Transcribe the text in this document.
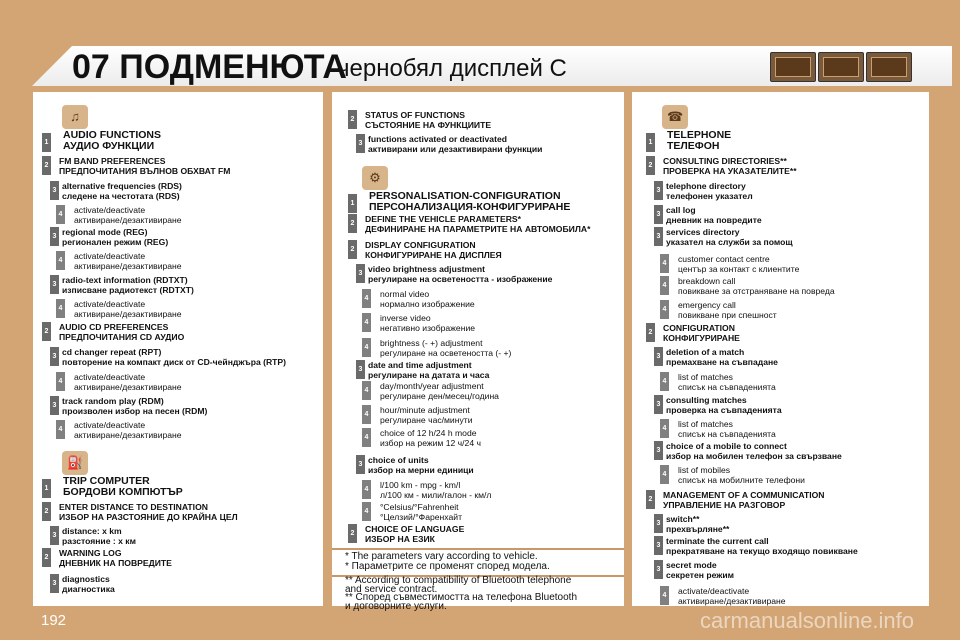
07 ПОДМЕНЮТА
чернобял дисплей С
♫
⛽
⚙
☎
1
AUDIO FUNCTIONS
АУДИО ФУНКЦИИ
2 FM BAND PREFERENCES
ПРЕДПОЧИТАНИЯ ВЪЛНОВ ОБХВАТ FM
3 alternative frequencies (RDS)
следене на честотата (RDS)
4 activate/deactivate
активиране/дезактивиране
3 regional mode (REG)
регионален режим (REG)
4 activate/deactivate
активиране/дезактивиране
3 radio-text information (RDTXT)
изписване радиотекст (RDTXT)
4 activate/deactivate
активиране/дезактивиране
2 AUDIO CD PREFERENCES
ПРЕДПОЧИТАНИЯ CD АУДИО
3 cd changer repeat (RPT)
повторение на компакт диск от CD-чейнджъра (RTP)
4 activate/deactivate
активиране/дезактивиране
3 track random play (RDM)
произволен избор на песен (RDM)
4 activate/deactivate
активиране/дезактивиране
1
TRIP COMPUTER
БОРДОВИ КОМПЮТЪР
2 ENTER DISTANCE TO DESTINATION
ИЗБОР НА РАЗСТОЯНИЕ ДО КРАЙНА ЦЕЛ
3 distance: x km
разстояние : x км
2 WARNING LOG
ДНЕВНИК НА ПОВРЕДИТЕ
3 diagnostics
диагностика
2 STATUS OF FUNCTIONS
СЪСТОЯНИЕ НА ФУНКЦИИТЕ
3 functions activated or deactivated
активирани или дезактивирани функции
1
PERSONALISATION-CONFIGURATION
ПЕРСОНАЛИЗАЦИЯ-КОНФИГУРИРАНЕ
2 DEFINE THE VEHICLE PARAMETERS*
ДЕФИНИРАНЕ НА ПАРАМЕТРИТЕ НА АВТОМОБИЛА*
2 DISPLAY CONFIGURATION
КОНФИГУРИРАНЕ НА ДИСПЛЕЯ
3 video brightness adjustment
регулиране на осветеността - изображение
4 normal video
нормално изображение
4 inverse video
негативно изображение
4 brightness (- +) adjustment
регулиране на осветеността (- +)
3 date and time adjustment
регулиране на датата и часа
4 day/month/year adjustment
регулиране ден/месец/година
4 hour/minute adjustment
регулиране час/минути
4 choice of 12 h/24 h mode
избор на режим 12 ч/24 ч
3 choice of units
избор на мерни единици
4 l/100 km - mpg - km/l
л/100 км - мили/галон - км/л
4 °Celsius/°Fahrenheit
°Целзий/°Фаренхайт
2 CHOICE OF LANGUAGE
ИЗБОР НА ЕЗИК
1
TELEPHONE
ТЕЛЕФОН
2 CONSULTING DIRECTORIES**
ПРОВЕРКА НА УКАЗАТЕЛИТЕ**
3 telephone directory
телефонен указател
3 call log
дневник на повредите
3 services directory
указател на служби за помощ
4 customer contact centre
център за контакт с клиентите
4 breakdown call
повикване за отстраняване на повреда
4 emergency call
повикване при спешност
2 CONFIGURATION
КОНФИГУРИРАНЕ
3 deletion of a match
премахване на съвпадане
4 list of matches
списък на съвпаденията
3 consulting matches
проверка на съвпаденията
4 list of matches
списък на съвпаденията
3 choice of a mobile to connect
избор на мобилен телефон за свързване
4 list of mobiles
списък на мобилните телефони
2 MANAGEMENT OF A COMMUNICATION
УПРАВЛЕНИЕ НА РАЗГОВОР
3 switch**
прехвърляне**
3 terminate the current call
прекратяване на текущо входящо повикване
3 secret mode
секретен режим
4 activate/deactivate
активиране/дезактивиране
* The parameters vary according to vehicle.
* Параметрите се променят според модела.
** According to compatibility of Bluetooth telephone
and service contract.
** Според съвместимостта на телефона Bluetooth
и договорните услуги.
192	carmanualsonline.info
